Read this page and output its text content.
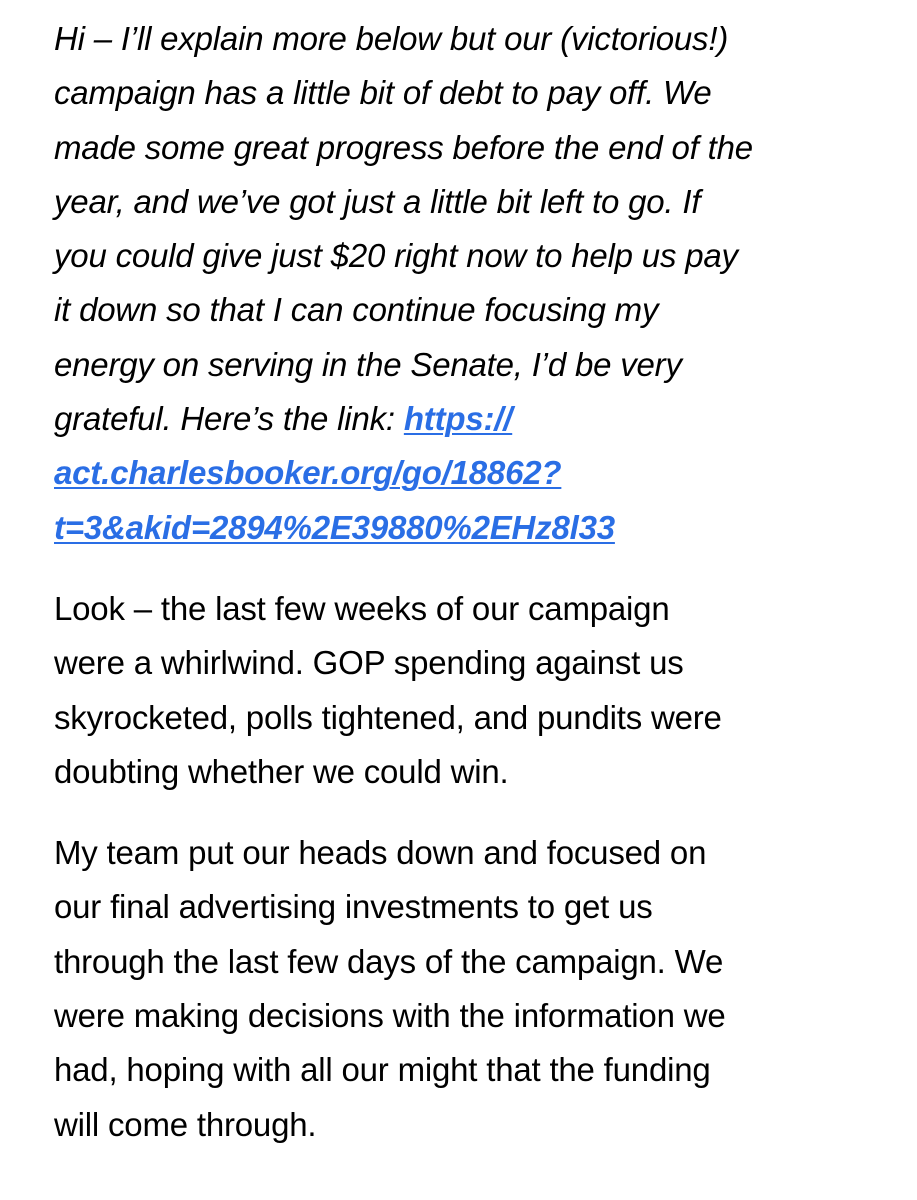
Hi – I’ll explain more below but our (victorious!)
campaign has a little bit of debt to pay off. We
made some great progress before the end of the
year, and we’ve got just a little bit left to go. If
you could give just $20 right now to help us pay
it down so that I can continue focusing my
energy on serving in the Senate, I’d be very
grateful. Here’s the link: https://
act.charlesbooker.org/go/18862?
t=3&akid=2894%2E39880%2EHz8l33

Look – the last few weeks of our campaign
were a whirlwind. GOP spending against us
skyrocketed, polls tightened, and pundits were
doubting whether we could win.

My team put our heads down and focused on
our final advertising investments to get us
through the last few days of the campaign. We
were making decisions with the information we
had, hoping with all our might that the funding
will come through.
